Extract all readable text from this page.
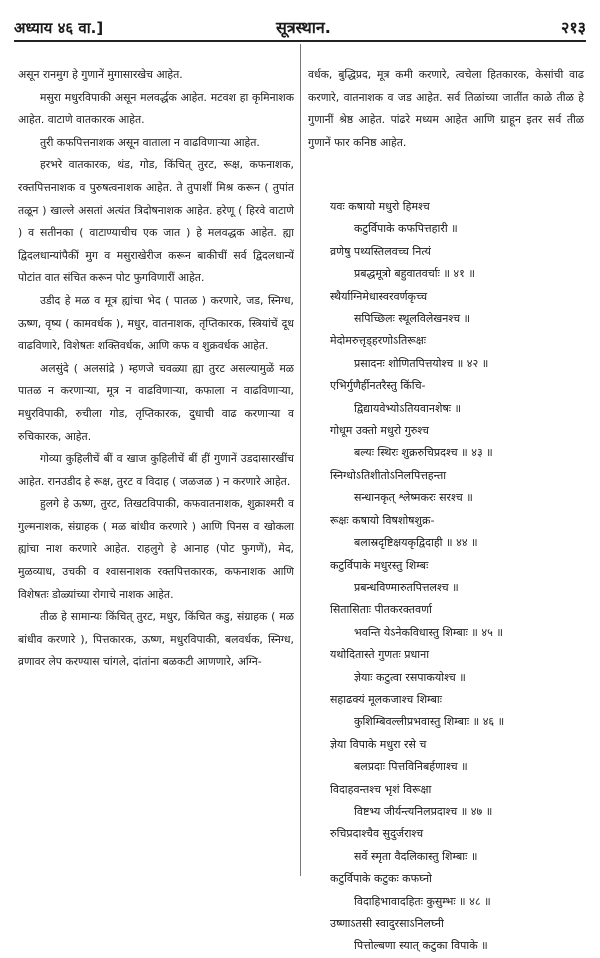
अध्याय ४६ वा.]	सूत्रस्थान.	२१३

असून रानमुग हे गुणानें मुगासारखेच आहेत.

मसुरा मधुरविपाकी असून मलवर्द्धक आहेत. मटवश हा कृमिनाशक आहेत. वाटाणे वातकारक आहेत.

तुरी कफपित्तनाशक असून वाताला न वाढविणाऱ्या आहेत.

हरभरे वातकारक, थंड, गोड, किंचित् तुरट, रूक्ष, कफनाशक, रक्तपित्तनाशक व पुरुषत्वनाशक आहेत. ते तुपाशीं मिश्र करून ( तुपांत तळून ) खाल्ले असतां अत्यंत त्रिदोषनाशक आहेत. हरेणू ( हिरवे वाटाणे ) व सतीनका ( वाटाण्याचीच एक जात ) हे मलवद्धक आहेत. ह्या द्विदलधान्यांपैकीं मुग व मसुराखेरीज करून बाकीचीं सर्व द्विदलधान्यें पोटांत वात संचित करून पोट फुगविणारीं आहेत.

उडीद हे मळ व मूत्र ह्यांचा भेद ( पातळ ) करणारे, जड, स्निग्ध, ऊष्ण, वृष्य ( कामवर्धक ), मधुर, वातनाशक, तृप्तिकारक, स्त्रियांचें दूध वाढविणारे, विशेषतः शक्तिवर्धक, आणि कफ व शुक्रवर्धक आहेत.

अलसुंदे ( अलसांद्रे ) म्हणजे चवळ्या ह्या तुरट असल्यामुळें मळ पातळ न करणाऱ्या, मूत्र न वाढविणाऱ्या, कफाला न वाढविणाऱ्या, मधुरविपाकी, रुचीला गोड, तृप्तिकारक, दुधाची वाढ करणाऱ्या व रुचिकारक, आहेत.

गोव्या कुहिलीचें बीं व खाज कुहिलीचें बीं हीं गुणानें उडदासारखींच आहेत. रानउडीद हे रूक्ष, तुरट व विदाह ( जळजळ ) न करणारे आहेत.

हुलगे हे ऊष्ण, तुरट, तिखटविपाकी, कफवातनाशक, शुक्राश्मरी व गुल्मनाशक, संग्राहक ( मळ बांधीव करणारे ) आणि पिनस व खोकला ह्यांचा नाश करणारे आहेत. राहलुगे हे आनाह (पोट फुगणें), मेद, मुळव्याध, उचकी व श्वासनाशक रक्तपित्तकारक, कफनाशक आणि विशेषतः डोळ्यांच्या रोगाचे नाशक आहेत.

तीळ हे सामान्यः किंचित् तुरट, मधुर, किंचित कडु, संग्राहक ( मळ बांधीव करणारे ), पित्तकारक, ऊष्ण, मधुरविपाकी, बलवर्धक, स्निग्ध, व्रणावर लेप करण्यास चांगले, दांतांना बळकटी आणणारे, अग्नि-

वर्धक, बुद्धिप्रद, मूत्र कमी करणारे, त्वचेला हितकारक, केसांची वाढ करणारे, वातनाशक व जड आहेत. सर्व तिळांच्या जातींत काळे तीळ हे गुणानीं श्रेष्ठ आहेत. पांढरे मध्यम आहेत आणि ग्राहून इतर सर्व तीळ गुणानें फार कनिष्ठ आहेत.

यवः कषायो मधुरो हिमश्च
कटुर्विपाके कफपित्तहारी ॥
व्रणेषु पथ्यस्तिलवच्च नित्यं
प्रबद्धमूत्रो बहुवातवर्चाः ॥ ४१ ॥
स्थैर्याग्निमेधास्वरवर्णकृच्च
सपिच्छिलः स्थूलविलेखनश्च ॥
मेदोमरुत्तृड्हरणोऽतिरूक्षः
प्रसादनः शोणितपित्तयोश्च ॥ ४२ ॥
एभिर्गुणैर्हीनतरैस्तु किंचि-
द्विद्यायवेभ्योऽतियवानशेषः ॥
गोधूम उक्तो मधुरो गुरुश्च
बल्यः स्थिरः शुक्ररुचिप्रदश्च ॥ ४३ ॥
स्निग्धोऽतिशीतोऽनिलपित्तहन्ता
सन्धानकृत् श्लेष्मकरः सरश्च ॥
रूक्षः कषायो विषशोषशुक्र-
बलास्रदृष्टिक्षयकृद्विदाही ॥ ४४ ॥
कटुर्विपाके मधुरस्तु शिम्बः
प्रबन्धविण्मारुतपित्तलश्च ॥
सितासिताः पीतकरक्तवर्णा
भवन्ति येऽनेकविधास्तु शिम्बाः ॥ ४५ ॥
यथोदितास्ते गुणतः प्रधाना
ज्ञेयाः कटुत्वा रसपाकयोश्च ॥
सहाढक्यं मूलकजाश्च शिम्बाः
कुशिम्बिवल्लीप्रभवास्तु शिम्बाः ॥ ४६ ॥
ज्ञेया विपाके मधुरा रसे च
बलप्रदाः पित्तविनिबर्हणाश्च ॥
विदाहवन्तश्च भृशं विरूक्षा
विष्टभ्य जीर्यन्त्यनिलप्रदाश्च ॥ ४७ ॥
रुचिप्रदाश्चैव सुदुर्जराश्च
सर्वे स्मृता वैदलिकास्तु शिम्बाः ॥
कटुर्विपाके कटुकः कफघ्नो
विदाहिभावादहितः कुसुम्भः ॥ ४८ ॥
उष्णाऽतसी स्वादुरसाऽनिलघ्नी
पित्तोल्बणा स्यात् कटुका विपाके ॥
